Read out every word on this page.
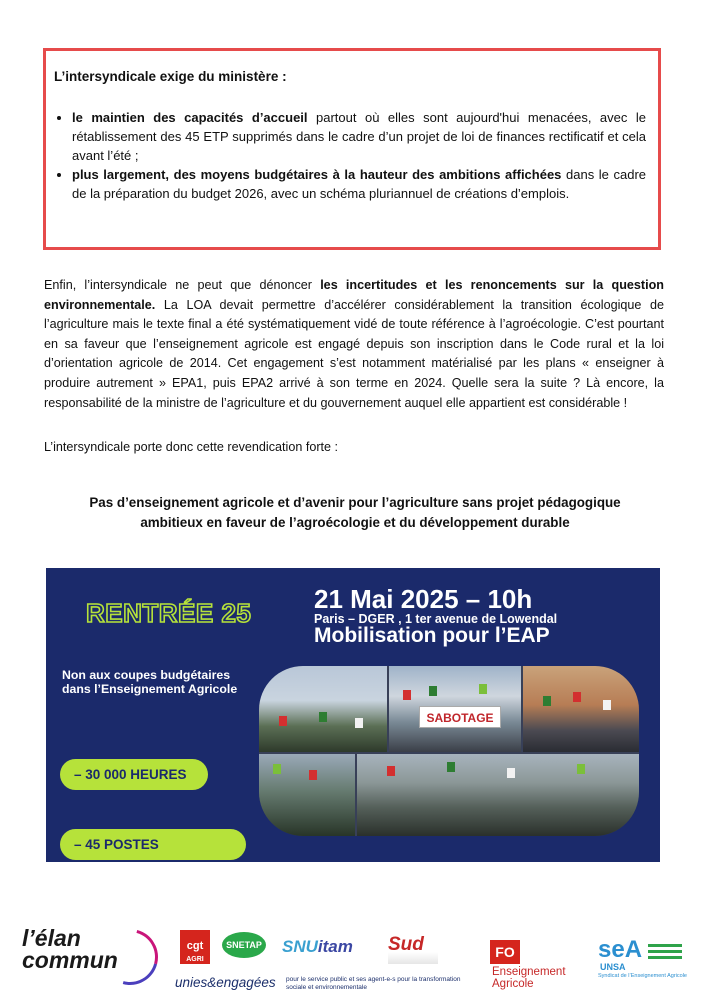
L’intersyndicale exige du ministère :

• le maintien des capacités d’accueil partout où elles sont aujourd'hui menacées, avec le rétablissement des 45 ETP supprimés dans le cadre d’un projet de loi de finances rectificatif et cela avant l’été ;
• plus largement, des moyens budgétaires à la hauteur des ambitions affichées dans le cadre de la préparation du budget 2026, avec un schéma pluriannuel de créations d’emplois.

Enfin, l’intersyndicale ne peut que dénoncer les incertitudes et les renoncements sur la question environnementale. La LOA devait permettre d’accélérer considérablement la transition écologique de l’agriculture mais le texte final a été systématiquement vidé de toute référence à l’agroécologie. C’est pourtant en sa faveur que l’enseignement agricole est engagé depuis son inscription dans le Code rural et la loi d’orientation agricole de 2014. Cet engagement s’est notamment matérialisé par les plans « enseigner à produire autrement » EPA1, puis EPA2 arrivé à son terme en 2024. Quelle sera la suite ? Là encore, la responsabilité de la ministre de l’agriculture et du gouvernement auquel elle appartient est considérable !

L’intersyndicale porte donc cette revendication forte :

Pas d’enseignement agricole et d’avenir pour l’agriculture sans projet pédagogique
ambitieux en faveur de l’agroécologie et du développement durable

RENTRÉE 25 21 Mai 2025 – 10h
Paris – DGER , 1 ter avenue de Lowendal
Mobilisation pour l’EAP
Non aux coupes budgétaires dans l’Enseignement Agricole
– 30 000 HEURES
– 45 POSTES
SABOTAGE
l’élan commun
cgt
AGRI
SNETAP SNUitam Sud
unies&engagées pour le service public et ses agent-e-s pour la transformation sociale et environnementale
FO
Enseignement Agricole
seA
UNSA
Syndicat de l’Enseignement Agricole
